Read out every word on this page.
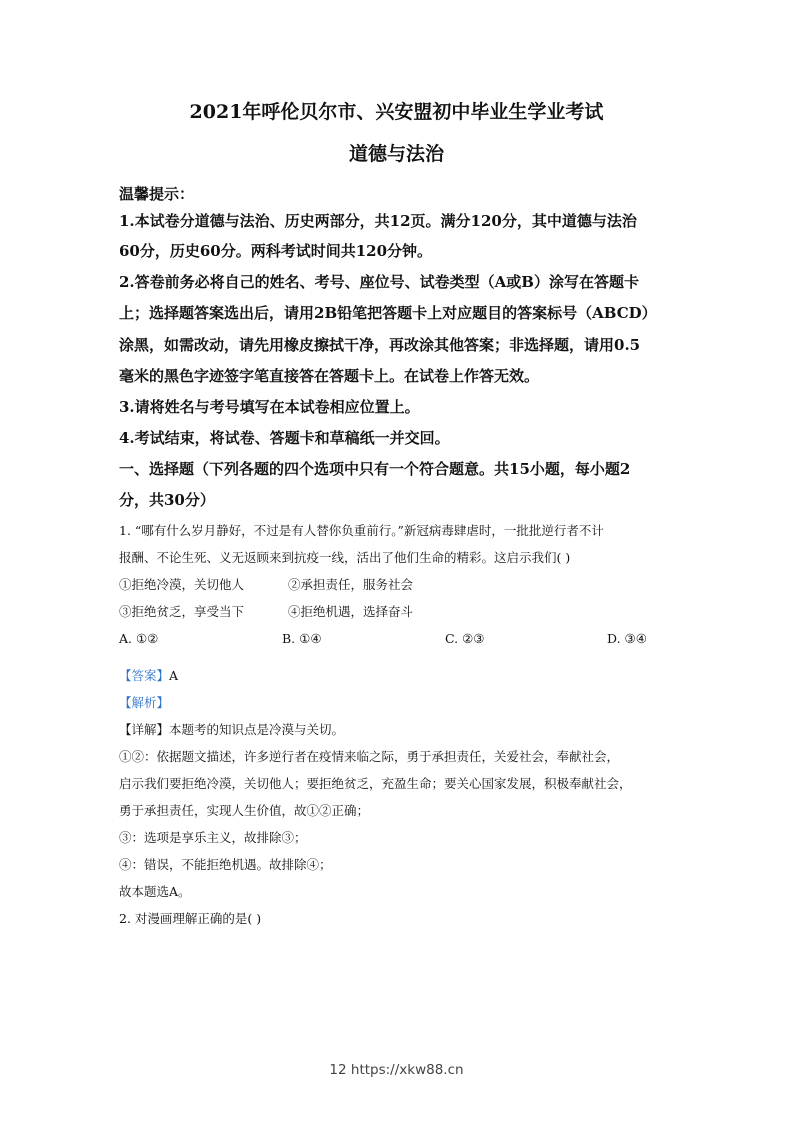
2021年呼伦贝尔市、兴安盟初中毕业生学业考试
道德与法治
温馨提示：
1.本试卷分道德与法治、历史两部分，共12页。满分120分，其中道德与法治
60分，历史60分。两科考试时间共120分钟。
2.答卷前务必将自己的姓名、考号、座位号、试卷类型（A或B）涂写在答题卡
上；选择题答案选出后，请用2B铅笔把答题卡上对应题目的答案标号（ABCD）
涂黑，如需改动，请先用橡皮擦拭干净，再改涂其他答案；非选择题，请用0.5
毫米的黑色字迹签字笔直接答在答题卡上。在试卷上作答无效。
3.请将姓名与考号填写在本试卷相应位置上。
4.考试结束，将试卷、答题卡和草稿纸一并交回。
一、选择题（下列各题的四个选项中只有一个符合题意。共15小题，每小题2
分，共30分）
1. “哪有什么岁月静好，不过是有人替你负重前行。”新冠病毒肆虐时，一批批逆行者不计
报酬、不论生死、义无返顾来到抗疫一线，活出了他们生命的精彩。这启示我们( )
①拒绝冷漠，关切他人	②承担责任，服务社会
③拒绝贫乏，享受当下	④拒绝机遇，选择奋斗
A. ①②	B. ①④	C. ②③	D. ③④
【答案】A
【解析】
【详解】本题考的知识点是冷漠与关切。
①②：依据题文描述，许多逆行者在疫情来临之际，勇于承担责任，关爱社会，奉献社会，
启示我们要拒绝冷漠，关切他人；要拒绝贫乏，充盈生命；要关心国家发展，积极奉献社会，
勇于承担责任，实现人生价值，故①②正确；
③：选项是享乐主义，故排除③；
④：错误，不能拒绝机遇。故排除④；
故本题选A。
2. 对漫画理解正确的是( )
12 https://xkw88.cn
